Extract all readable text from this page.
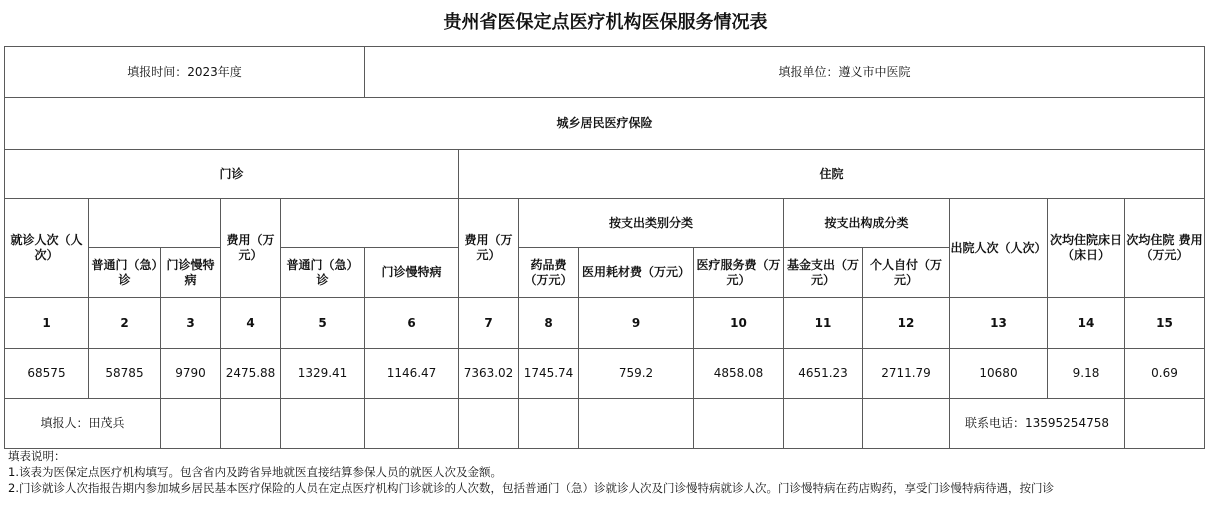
贵州省医保定点医疗机构医保服务情况表
填报时间：2023年度					填报单位：遵义市中医院									
城乡居民医疗保险														
门诊						住院								
就诊人次（人次）			费用（万元）			费用（万元）	按支出类别分类			按支出构成分类		出院人次（人次）	次均住院床日（床日）	次均住院 费用（万元）
	普通门（急）诊	门诊慢特病		普通门（急）诊	门诊慢特病		药品费（万元）	医用耗材费（万元）	医疗服务费（万元）	基金支出（万元）	个人自付（万元）			
1	2	3	4	5	6	7	8	9	10	11	12	13	14	15
68575	58785	9790	2475.88	1329.41	1146.47	7363.02	1745.74	759.2	4858.08	4651.23	2711.79	10680	9.18	0.69
填报人：田茂兵												联系电话：13595254758		
填表说明：
1.该表为医保定点医疗机构填写。包含省内及跨省异地就医直接结算参保人员的就医人次及金额。
2.门诊就诊人次指报告期内参加城乡居民基本医疗保险的人员在定点医疗机构门诊就诊的人次数，包括普通门（急）诊就诊人次及门诊慢特病就诊人次。门诊慢特病在药店购药，享受门诊慢特病待遇，按门诊
